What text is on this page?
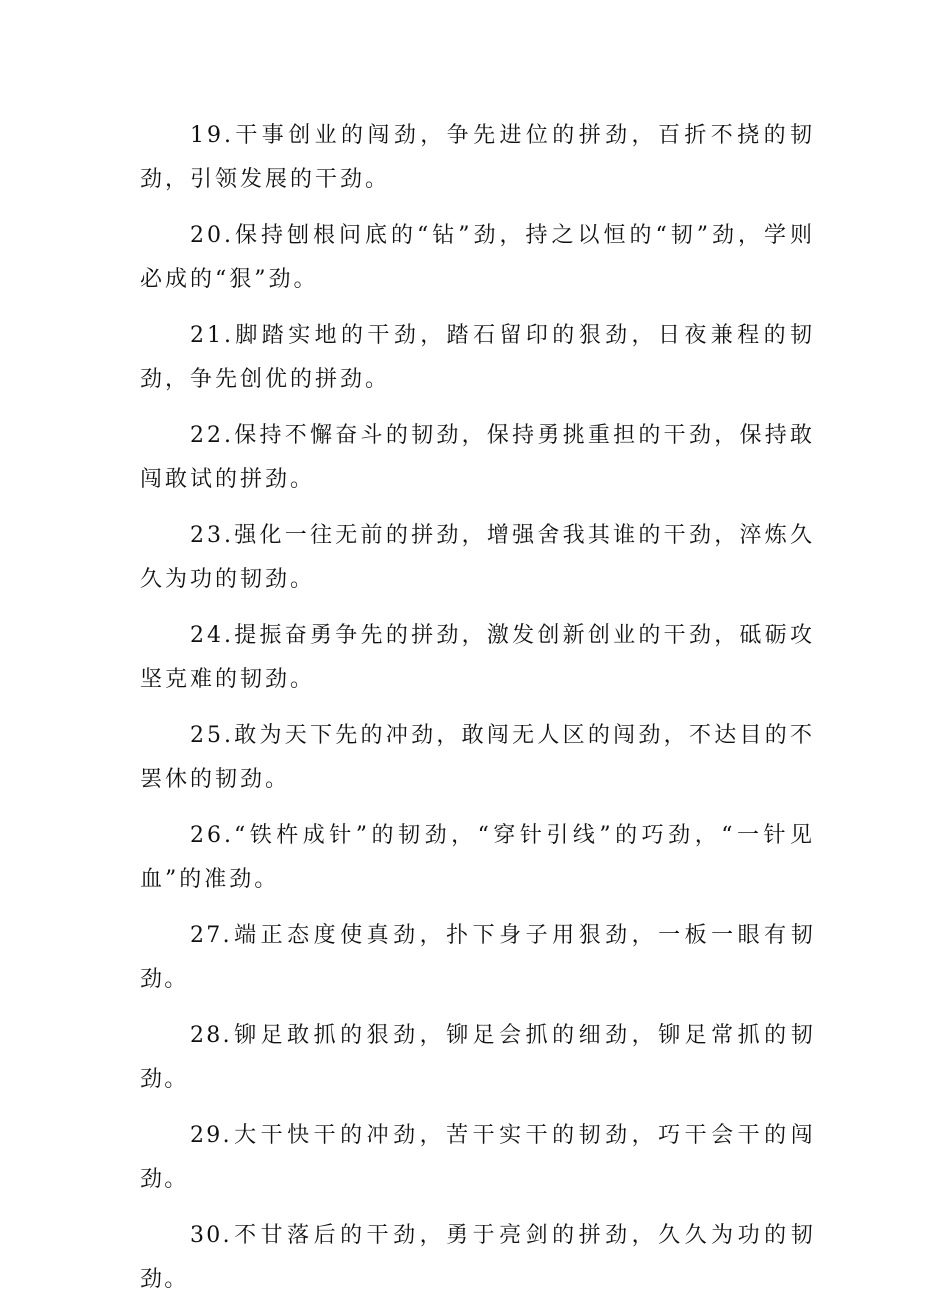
19.干事创业的闯劲，争先进位的拼劲，百折不挠的韧劲，引领发展的干劲。
20.保持刨根问底的“钻”劲，持之以恒的“韧”劲，学则必成的“狠”劲。
21.脚踏实地的干劲，踏石留印的狠劲，日夜兼程的韧劲，争先创优的拼劲。
22.保持不懈奋斗的韧劲，保持勇挑重担的干劲，保持敢闯敢试的拼劲。
23.强化一往无前的拼劲，增强舍我其谁的干劲，淬炼久久为功的韧劲。
24.提振奋勇争先的拼劲，激发创新创业的干劲，砥砺攻坚克难的韧劲。
25.敢为天下先的冲劲，敢闯无人区的闯劲，不达目的不罢休的韧劲。
26.“铁杵成针”的韧劲，“穿针引线”的巧劲，“一针见血”的准劲。
27.端正态度使真劲，扑下身子用狠劲，一板一眼有韧劲。
28.铆足敢抓的狠劲，铆足会抓的细劲，铆足常抓的韧劲。
29.大干快干的冲劲，苦干实干的韧劲，巧干会干的闯劲。
30.不甘落后的干劲，勇于亮剑的拼劲，久久为功的韧劲。
